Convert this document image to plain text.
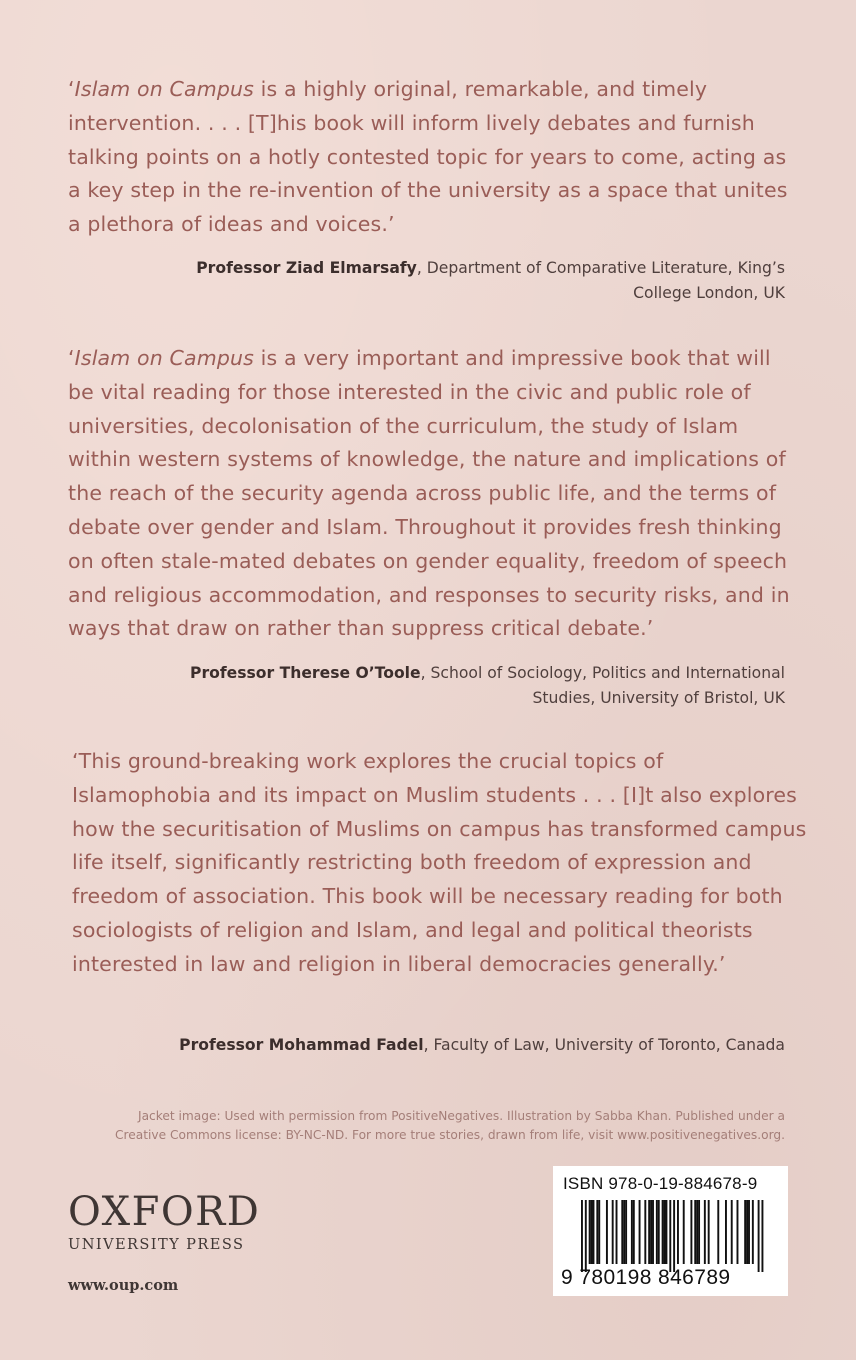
‘Islam on Campus is a highly original, remarkable, and timely intervention. . . . [T]his book will inform lively debates and furnish talking points on a hotly contested topic for years to come, acting as a key step in the re-invention of the university as a space that unites a plethora of ideas and voices.’

Professor Ziad Elmarsafy, Department of Comparative Literature, King’s College London, UK

‘Islam on Campus is a very important and impressive book that will be vital reading for those interested in the civic and public role of universities, decolonisation of the curriculum, the study of Islam within western systems of knowledge, the nature and implications of the reach of the security agenda across public life, and the terms of debate over gender and Islam. Throughout it provides fresh thinking on often stale-mated debates on gender equality, freedom of speech and religious accommodation, and responses to security risks, and in ways that draw on rather than suppress critical debate.’

Professor Therese O’Toole, School of Sociology, Politics and International Studies, University of Bristol, UK

‘This ground-breaking work explores the crucial topics of Islamophobia and its impact on Muslim students . . . [I]t also explores how the securitisation of Muslims on campus has transformed campus life itself, significantly restricting both freedom of expression and freedom of association. This book will be necessary reading for both sociologists of religion and Islam, and legal and political theorists interested in law and religion in liberal democracies generally.’

Professor Mohammad Fadel, Faculty of Law, University of Toronto, Canada

Jacket image: Used with permission from PositiveNegatives. Illustration by Sabba Khan. Published under a Creative Commons license: BY-NC-ND. For more true stories, drawn from life, visit www.positivenegatives.org.

OXFORD
UNIVERSITY PRESS
www.oup.com
ISBN 978-0-19-884678-9
9 780198 846789
